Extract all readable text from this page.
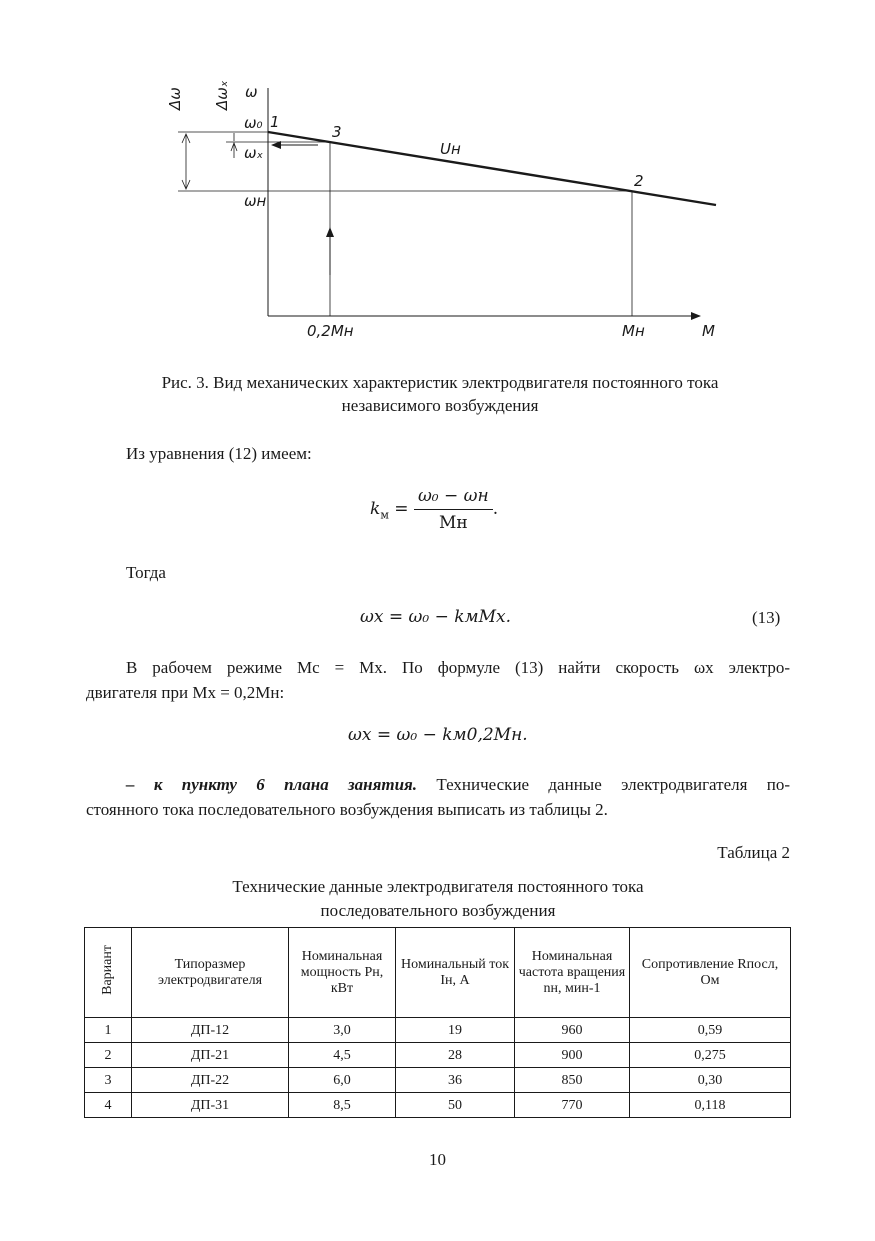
Δω Δωₓ ω
ω₀
ωₓ
ωн
1
3
2
Uн
0,2Mн	Mн	M
Рис. 3. Вид механических характеристик электродвигателя постоянного тока
независимого возбуждения
Из уравнения (12) имеем:
$k_м = \frac{\text{ω₀ − ωн}}{Mн}$ .
Тогда
ωх = ω₀ − kмMх.	(13)
В рабочем режиме Mc = Mx. По формуле (13) найти скорость ωx электро-
двигателя при Mx = 0,2Mн:
ωх = ω₀ − kм0,2Mн.
– к пункту 6 плана занятия. Технические данные электродвигателя по-
стоянного тока последовательного возбуждения выписать из таблицы 2.
Таблица 2
Технические данные электродвигателя постоянного тока
последовательного возбуждения
Вариант	Типоразмер электродвигателя	Номинальная мощность Pн, кВт	Номинальный ток Iн, А	Номинальная частота вращения nн, мин-1	Сопротивление Rпосл, Ом
1	ДП-12	3,0	19	960	0,59
2	ДП-21	4,5	28	900	0,275
3	ДП-22	6,0	36	850	0,30
4	ДП-31	8,5	50	770	0,118
10
